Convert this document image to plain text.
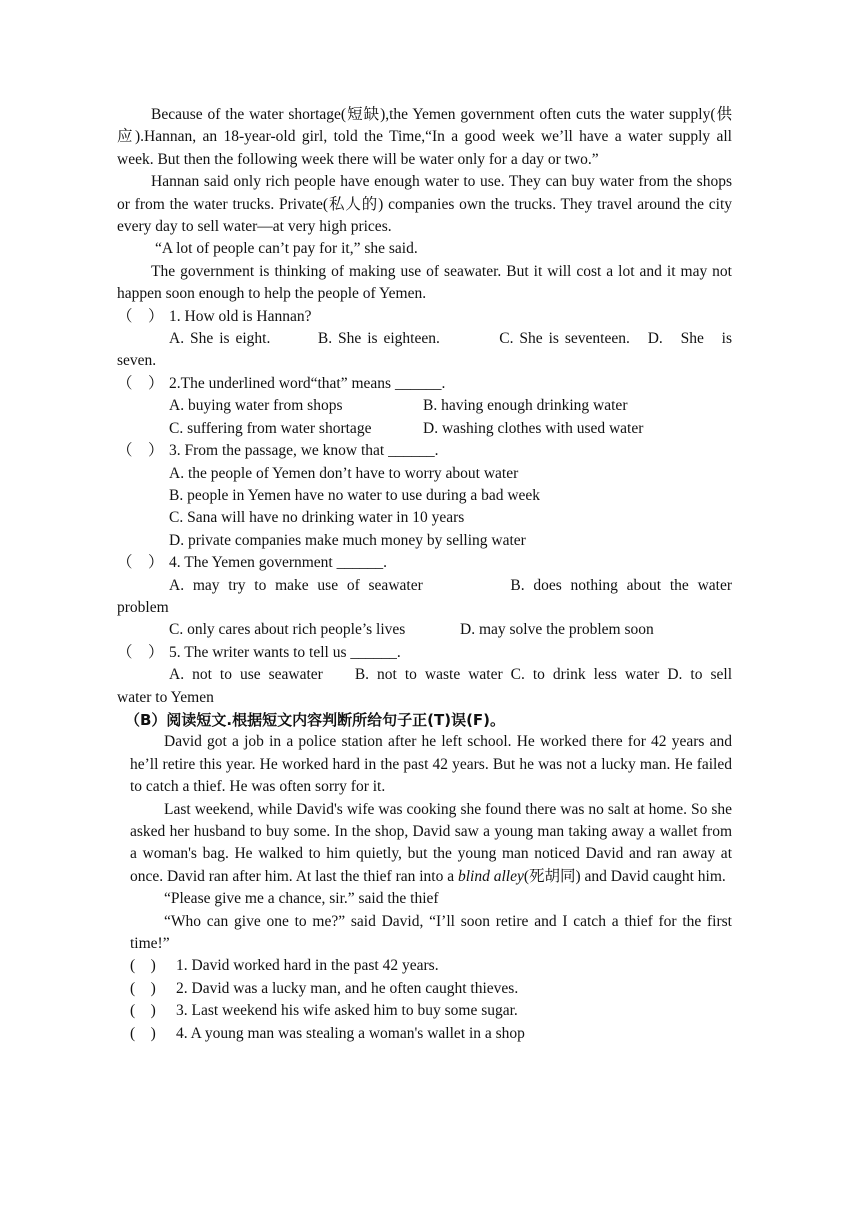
Because of the water shortage(短缺),the Yemen government often cuts the water supply(供应).Hannan, an 18-year-old girl, told the Time,“In a good week we’ll have a water supply all week. But then the following week there will be water only for a day or two.”

Hannan said only rich people have enough water to use. They can buy water from the shops or from the water trucks. Private(私人的) companies own the trucks. They travel around the city every day to sell water—at very high prices.

“A lot of people can’t pay for it,” she said.

The government is thinking of making use of seawater. But it will cost a lot and it may not happen soon enough to help the people of Yemen.

（　） 1. How old is Hannan?

A. She is eight.        B. She is eighteen.          C. She is seventeen.   D.   She   is

seven.

（　） 2.The underlined word“that” means ______.

A. buying water from shops	B. having enough drinking water
C. suffering from water shortage	D. washing clothes with used water

（　） 3. From the passage, we know that ______.

A. the people of Yemen don’t have to worry about water

B. people in Yemen have no water to use during a bad week

C. Sana will have no drinking water in 10 years

D. private companies make much money by selling water

（　） 4. The Yemen government ______.

A. may try to make use of seawater          B. does nothing about the water

problem

C. only cares about rich people’s lives	D. may solve the problem soon

（　） 5. The writer wants to tell us ______.

A. not to use seawater    B. not to waste water C. to drink less water D. to sell

water to Yemen

（B）阅读短文.根据短文内容判断所给句子正(T)误(F)。

David got a job in a police station after he left school. He worked there for 42 years and he’ll retire this year. He worked hard in the past 42 years. But he was not a lucky man. He failed to catch a thief. He was often sorry for it.

Last weekend, while David's wife was cooking she found there was no salt at home. So she asked her husband to buy some. In the shop, David saw a young man taking away a wallet from a woman's bag. He walked to him quietly, but the young man noticed David and ran away at once. David ran after him. At last the thief ran into a blind alley(死胡同) and David caught him.

“Please give me a chance, sir.” said the thief

“Who can give one to me?” said David, “I’ll soon retire and I catch a thief for the first time!”

(    ) 1. David worked hard in the past 42 years.

(    ) 2. David was a lucky man, and he often caught thieves.

(    ) 3. Last weekend his wife asked him to buy some sugar.

(    ) 4. A young man was stealing a woman's wallet in a shop
